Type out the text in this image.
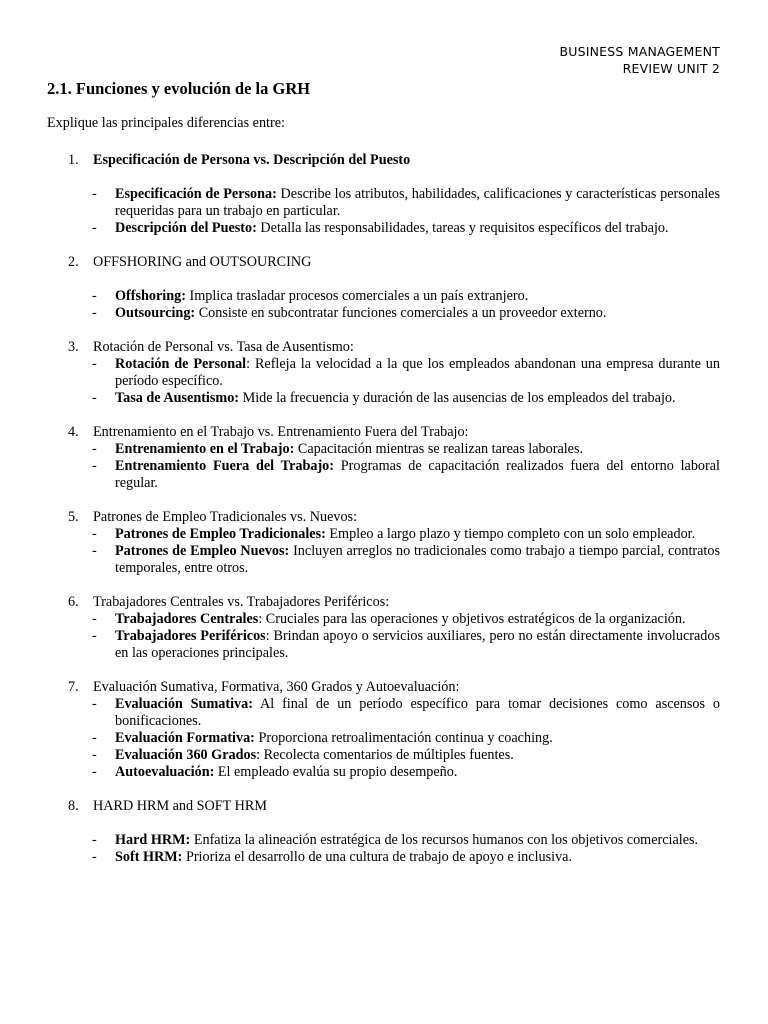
BUSINESS MANAGEMENT
REVIEW UNIT 2
2.1. Funciones y evolución de la GRH

Explique las principales diferencias entre:

1.	Especificación de Persona vs. Descripción del Puesto
-	Especificación de Persona: Describe los atributos, habilidades, calificaciones y características personales requeridas para un trabajo en particular.
-	Descripción del Puesto: Detalla las responsabilidades, tareas y requisitos específicos del trabajo.
2.	OFFSHORING and OUTSOURCING
-	Offshoring: Implica trasladar procesos comerciales a un país extranjero.
-	Outsourcing: Consiste en subcontratar funciones comerciales a un proveedor externo.
3.	Rotación de Personal vs. Tasa de Ausentismo:
-	Rotación de Personal: Refleja la velocidad a la que los empleados abandonan una empresa durante un período específico.
-	Tasa de Ausentismo: Mide la frecuencia y duración de las ausencias de los empleados del trabajo.
4.	Entrenamiento en el Trabajo vs. Entrenamiento Fuera del Trabajo:
-	Entrenamiento en el Trabajo: Capacitación mientras se realizan tareas laborales.
-	Entrenamiento Fuera del Trabajo: Programas de capacitación realizados fuera del entorno laboral regular.
5.	Patrones de Empleo Tradicionales vs. Nuevos:
-	Patrones de Empleo Tradicionales: Empleo a largo plazo y tiempo completo con un solo empleador.
-	Patrones de Empleo Nuevos: Incluyen arreglos no tradicionales como trabajo a tiempo parcial, contratos temporales, entre otros.
6.	Trabajadores Centrales vs. Trabajadores Periféricos:
-	Trabajadores Centrales: Cruciales para las operaciones y objetivos estratégicos de la organización.
-	Trabajadores Periféricos: Brindan apoyo o servicios auxiliares, pero no están directamente involucrados en las operaciones principales.
7.	Evaluación Sumativa, Formativa, 360 Grados y Autoevaluación:
-	Evaluación Sumativa: Al final de un período específico para tomar decisiones como ascensos o bonificaciones.
-	Evaluación Formativa: Proporciona retroalimentación continua y coaching.
-	Evaluación 360 Grados: Recolecta comentarios de múltiples fuentes.
-	Autoevaluación: El empleado evalúa su propio desempeño.
8.	HARD HRM and SOFT HRM
-	Hard HRM: Enfatiza la alineación estratégica de los recursos humanos con los objetivos comerciales.
-	Soft HRM: Prioriza el desarrollo de una cultura de trabajo de apoyo e inclusiva.
